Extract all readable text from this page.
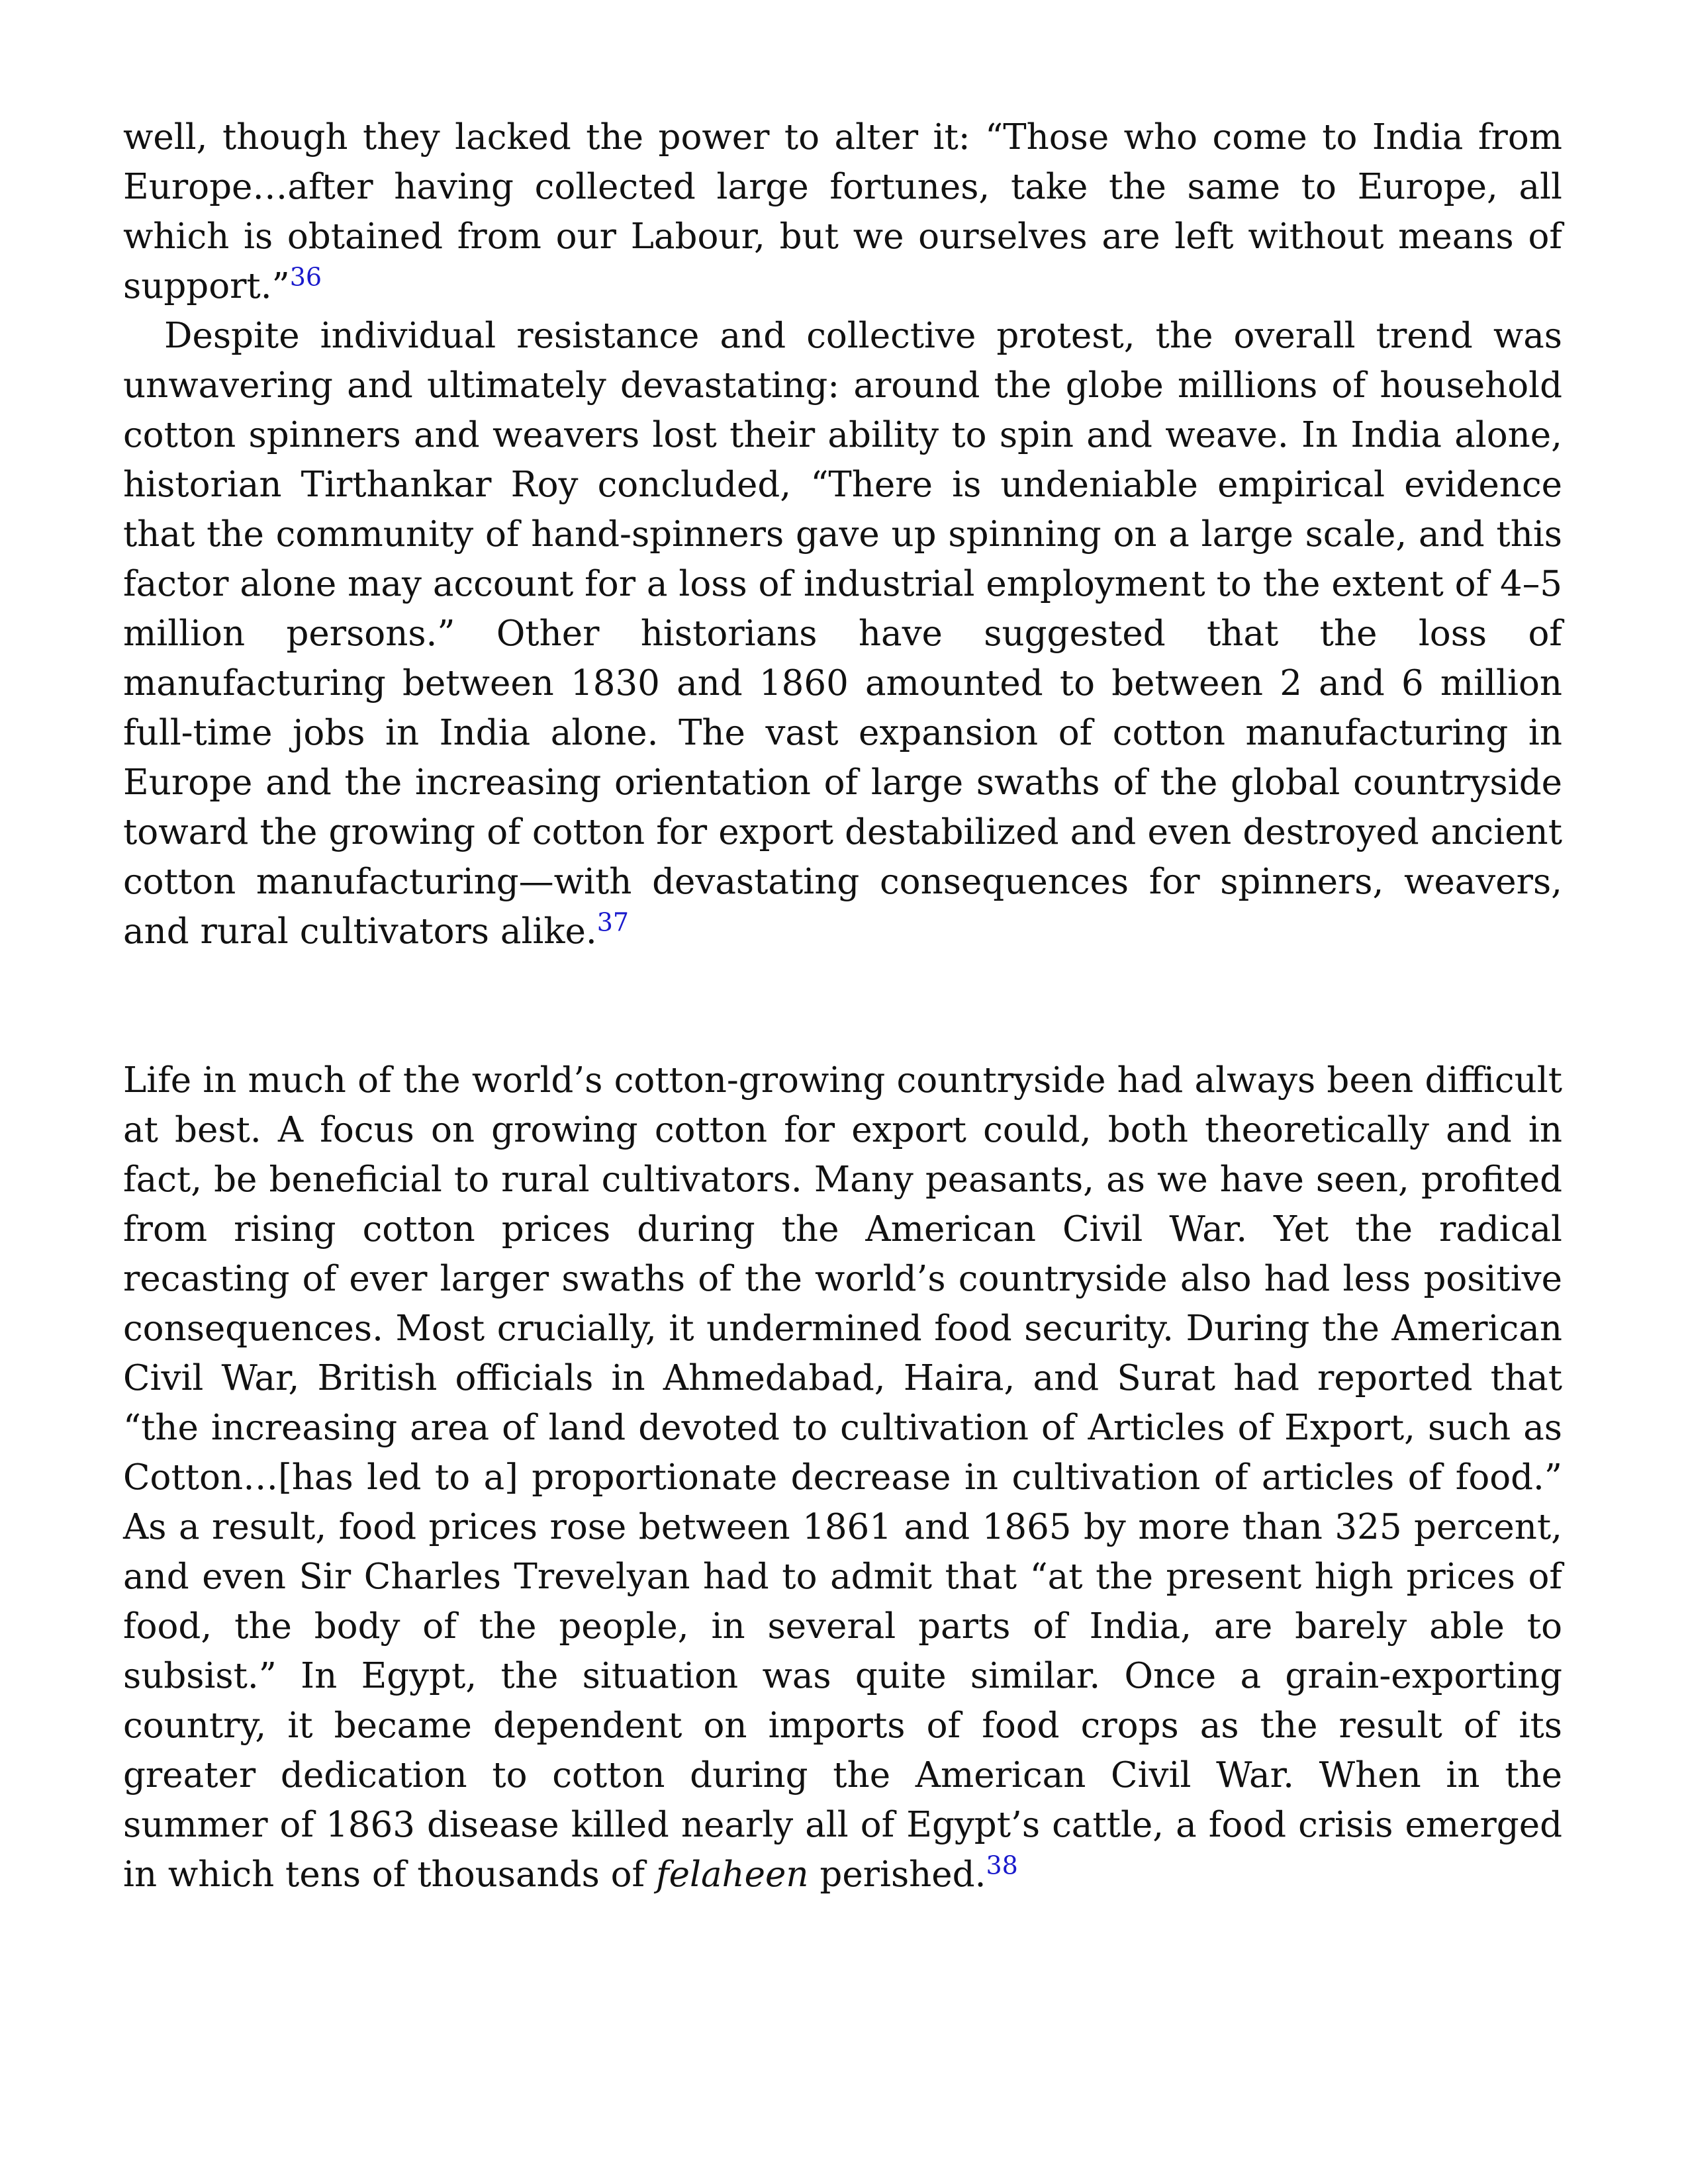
well, though they lacked the power to alter it: “Those who come to India from Europe…after having collected large fortunes, take the same to Europe, all which is obtained from our Labour, but we ourselves are left without means of support.”$^{36}$

Despite individual resistance and collective protest, the overall trend was unwavering and ultimately devastating: around the globe millions of household cotton spinners and weavers lost their ability to spin and weave. In India alone, historian Tirthankar Roy concluded, “There is undeniable empirical evidence that the community of hand-spinners gave up spinning on a large scale, and this factor alone may account for a loss of industrial employment to the extent of 4–5 million persons.” Other historians have suggested that the loss of manufacturing between 1830 and 1860 amounted to between 2 and 6 million full-time jobs in India alone. The vast expansion of cotton manufacturing in Europe and the increasing orientation of large swaths of the global countryside toward the growing of cotton for export destabilized and even destroyed ancient cotton manufacturing—with devastating consequences for spinners, weavers, and rural cultivators alike.$^{37}$

Life in much of the world’s cotton-growing countryside had always been difficult at best. A focus on growing cotton for export could, both theoretically and in fact, be beneficial to rural cultivators. Many peasants, as we have seen, profited from rising cotton prices during the American Civil War. Yet the radical recasting of ever larger swaths of the world’s countryside also had less positive consequences. Most crucially, it undermined food security. During the American Civil War, British officials in Ahmedabad, Haira, and Surat had reported that “the increasing area of land devoted to cultivation of Articles of Export, such as Cotton…[has led to a] proportionate decrease in cultivation of articles of food.” As a result, food prices rose between 1861 and 1865 by more than 325 percent, and even Sir Charles Trevelyan had to admit that “at the present high prices of food, the body of the people, in several parts of India, are barely able to subsist.” In Egypt, the situation was quite similar. Once a grain-exporting country, it became dependent on imports of food crops as the result of its greater dedication to cotton during the American Civil War. When in the summer of 1863 disease killed nearly all of Egypt’s cattle, a food crisis emerged in which tens of thousands of felaheen perished.$^{38}$
